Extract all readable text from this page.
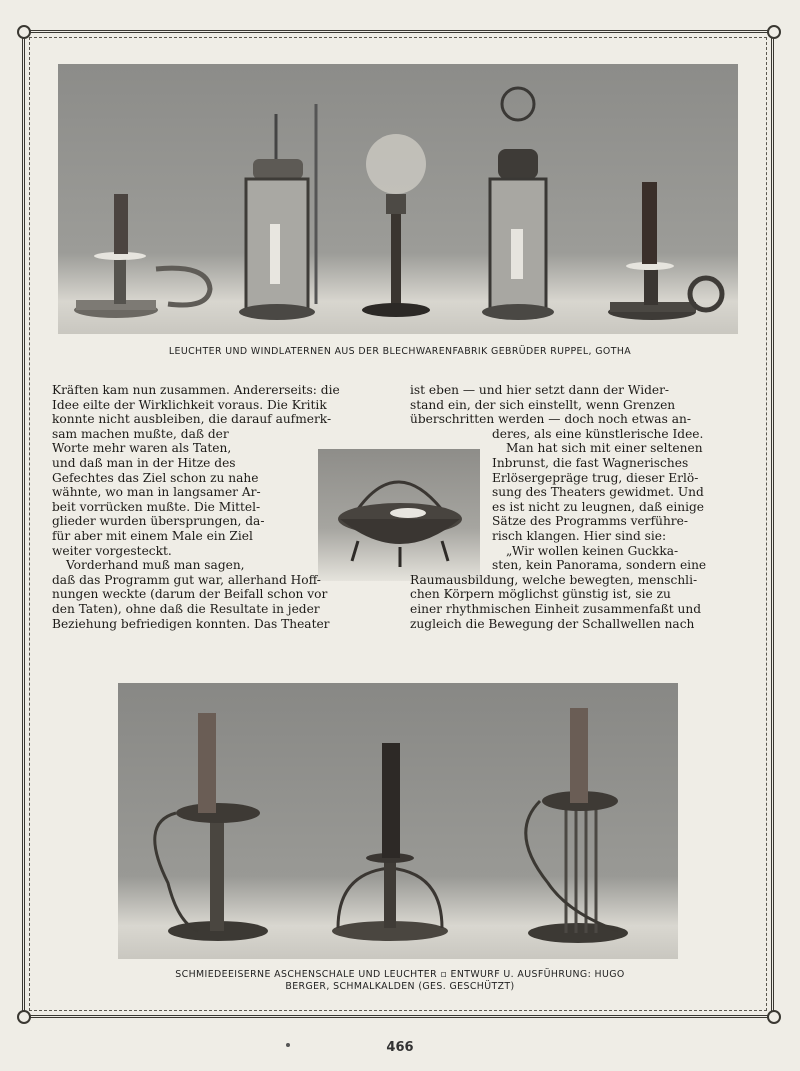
LEUCHTER UND WINDLATERNEN AUS DER BLECHWARENFABRIK GEBRÜDER RUPPEL, GOTHA
Kräften kam nun zusammen. Andererseits: die
Idee eilte der Wirklichkeit voraus. Die Kritik
konnte nicht ausbleiben, die darauf aufmerk-
sam machen mußte, daß der
Worte mehr waren als Taten,
und daß man in der Hitze des
Gefechtes das Ziel schon zu nahe
wähnte, wo man in langsamer Ar-
beit vorrücken mußte. Die Mittel-
glieder wurden übersprungen, da-
für aber mit einem Male ein Ziel
weiter vorgesteckt.
Vorderhand muß man sagen,
daß das Programm gut war, allerhand Hoff-
nungen weckte (darum der Beifall schon vor
den Taten), ohne daß die Resultate in jeder
Beziehung befriedigen konnten. Das Theater
ist eben — und hier setzt dann der Wider-
stand ein, der sich einstellt, wenn Grenzen
überschritten werden — doch noch etwas an-
deres, als eine künstlerische Idee.
Man hat sich mit einer seltenen
Inbrunst, die fast Wagnerisches
Erlösergepräge trug, dieser Erlö-
sung des Theaters gewidmet. Und
es ist nicht zu leugnen, daß einige
Sätze des Programms verführe-
risch klangen. Hier sind sie:
„Wir wollen keinen Guckka-
sten, kein Panorama, sondern eine
Raumausbildung, welche bewegten, menschli-
chen Körpern möglichst günstig ist, sie zu
einer rhythmischen Einheit zusammenfaßt und
zugleich die Bewegung der Schallwellen nach
SCHMIEDEEISERNE ASCHENSCHALE UND LEUCHTER ▫ ENTWURF U. AUSFÜHRUNG: HUGO
BERGER, SCHMALKALDEN (GES. GESCHÜTZT)
466
